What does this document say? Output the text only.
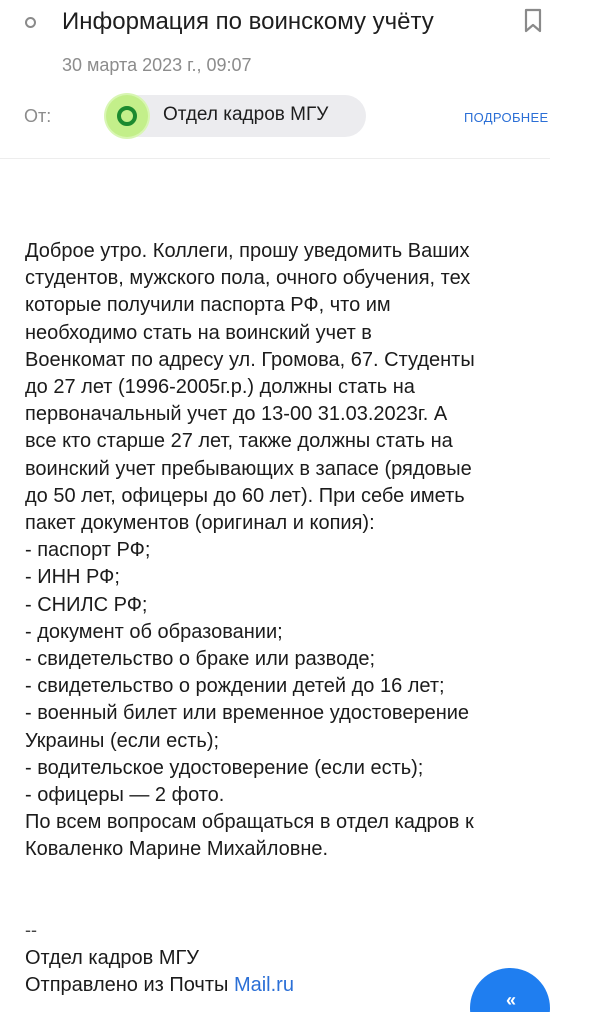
Информация по воинскому учёту
30 марта 2023 г., 09:07
От:	Отдел кадров МГУ	ПОДРОБНЕЕ
Доброе утро. Коллеги, прошу уведомить Ваших
студентов, мужского пола, очного обучения, тех
которые получили паспорта РФ, что им
необходимо стать на воинский учет в
Военкомат по адресу ул. Громова, 67. Студенты
до 27 лет (1996-2005г.р.) должны стать на
первоначальный учет до 13-00 31.03.2023г. А
все кто старше 27 лет, также должны стать на
воинский учет пребывающих в запасе (рядовые
до 50 лет, офицеры до 60 лет). При себе иметь
пакет документов (оригинал и копия):
- паспорт РФ;
- ИНН РФ;
- СНИЛС РФ;
- документ об образовании;
- свидетельство о браке или разводе;
- свидетельство о рождении детей до 16 лет;
- военный билет или временное удостоверение
Украины (если есть);
- водительское удостоверение (если есть);
- офицеры — 2 фото.
По всем вопросам обращаться в отдел кадров к
Коваленко Марине Михайловне.
--
Отдел кадров МГУ
Отправлено из Почты Mail.ru
«
